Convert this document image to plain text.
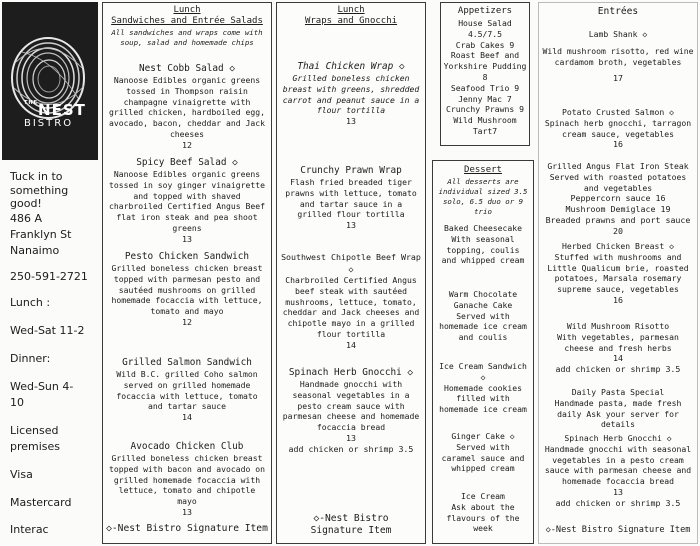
$^{THE}$NEST
BISTRO
Tuck in to
something good!
486 A
Franklyn St
Nanaimo
250-591-2721
Lunch :
Wed-Sat 11-2
Dinner:
Wed-Sun 4-
10
Licensed
premises
Visa
Mastercard
Interac
Lunch
Sandwiches and Entrée Salads
All sandwiches and wraps come with soup, salad and homemade chips
Nest Cobb Salad ◇
Nanoose Edibles organic greens tossed in Thompson raisin champagne vinaigrette with grilled chicken, hardboiled egg, avocado, bacon, cheddar and Jack cheeses
12
Spicy Beef Salad ◇
Nanoose Edibles organic greens tossed in soy ginger vinaigrette and topped with shaved charbroiled Certified Angus Beef flat iron steak and pea shoot greens
13
Pesto Chicken Sandwich
Grilled boneless chicken breast topped with parmesan pesto and sautéed mushrooms on grilled homemade focaccia with lettuce, tomato and mayo
12
Grilled Salmon Sandwich
Wild B.C. grilled Coho salmon served on grilled homemade focaccia with lettuce, tomato and tartar sauce
14
Avocado Chicken Club
Grilled boneless chicken breast topped with bacon and avocado on grilled homemade focaccia with lettuce, tomato and chipotle mayo
13
◇-Nest Bistro Signature Item
Lunch
Wraps and Gnocchi
Thai Chicken Wrap ◇
Grilled boneless chicken breast with greens, shredded carrot and peanut sauce in a flour tortilla
13
Crunchy Prawn Wrap
Flash fried breaded tiger prawns with lettuce, tomato and tartar sauce in a grilled flour tortilla
13
Southwest Chipotle Beef Wrap ◇
Charbroiled Certified Angus beef steak with sautéed mushrooms, lettuce, tomato, cheddar and Jack cheeses and chipotle mayo in a grilled flour tortilla
14
Spinach Herb Gnocchi ◇
Handmade gnocchi with seasonal vegetables in a pesto cream sauce with parmesan cheese and homemade focaccia bread
13
add chicken or shrimp 3.5
◇-Nest Bistro Signature Item
Appetizers
House Salad
4.5/7.5
Crab Cakes 9
Roast Beef and
Yorkshire Pudding
8
Seafood Trio 9
Jenny Mac 7
Crunchy Prawns 9
Wild Mushroom
Tart7
Dessert
All desserts are individual sized 3.5 solo, 6.5 duo or 9 trio
Baked Cheesecake
With seasonal topping, coulis and whipped cream
Warm Chocolate Ganache Cake
Served with homemade ice cream and coulis
Ice Cream Sandwich ◇
Homemade cookies filled with homemade ice cream
Ginger Cake ◇
Served with caramel sauce and whipped cream
Ice Cream
Ask about the flavours of the week
Entrées
Lamb Shank ◇
Wild mushroom risotto, red wine cardamom broth, vegetables
17
Potato Crusted Salmon ◇
Spinach herb gnocchi, tarragon cream sauce, vegetables
16
Grilled Angus Flat Iron Steak
Served with roasted potatoes and vegetables
Peppercorn sauce 16
Mushroom Demiglace 19
Breaded prawns and port sauce 20
Herbed Chicken Breast ◇
Stuffed with mushrooms and Little Qualicum brie, roasted potatoes, Marsala rosemary supreme sauce, vegetables
16
Wild Mushroom Risotto
With vegetables, parmesan cheese and fresh herbs
14
add chicken or shrimp 3.5
Daily Pasta Special
Handmade pasta, made fresh daily Ask your server for details
Spinach Herb Gnocchi ◇
Handmade gnocchi with seasonal vegetables in a pesto cream sauce with parmesan cheese and homemade focaccia bread
13
add chicken or shrimp 3.5
◇-Nest Bistro Signature Item
